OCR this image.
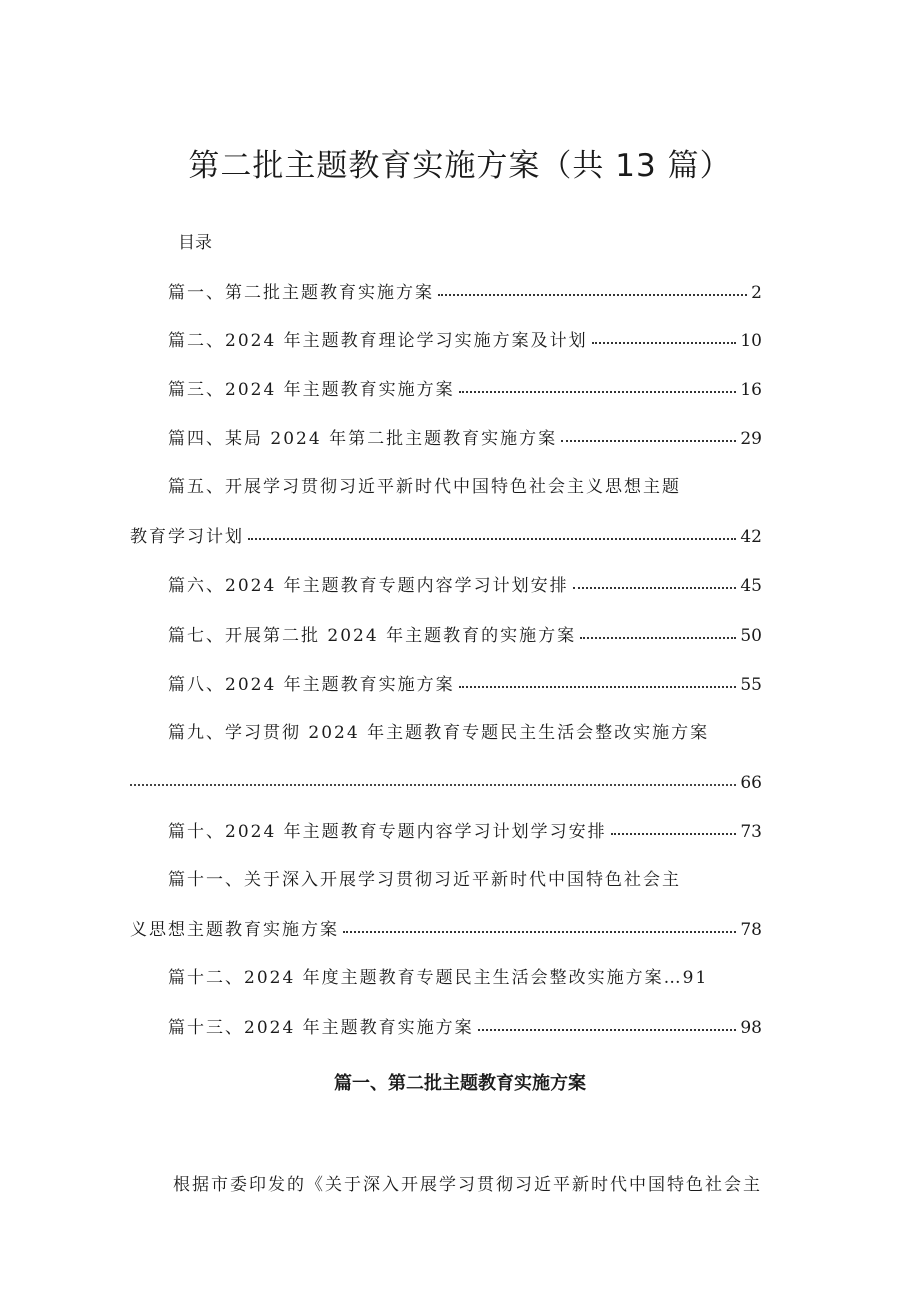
第二批主题教育实施方案（共 13 篇）
目录
篇一、第二批主题教育实施方案	2
篇二、2024 年主题教育理论学习实施方案及计划	10
篇三、2024 年主题教育实施方案	16
篇四、某局 2024 年第二批主题教育实施方案	29
篇五、开展学习贯彻习近平新时代中国特色社会主义思想主题
教育学习计划	42
篇六、2024 年主题教育专题内容学习计划安排	45
篇七、开展第二批 2024 年主题教育的实施方案	50
篇八、2024 年主题教育实施方案	55
篇九、学习贯彻 2024 年主题教育专题民主生活会整改实施方案
66
篇十、2024 年主题教育专题内容学习计划学习安排	73
篇十一、关于深入开展学习贯彻习近平新时代中国特色社会主
义思想主题教育实施方案	78
篇十二、2024 年度主题教育专题民主生活会整改实施方案…91
篇十三、2024 年主题教育实施方案	98
篇一、第二批主题教育实施方案
根据市委印发的《关于深入开展学习贯彻习近平新时代中国特色社会主
